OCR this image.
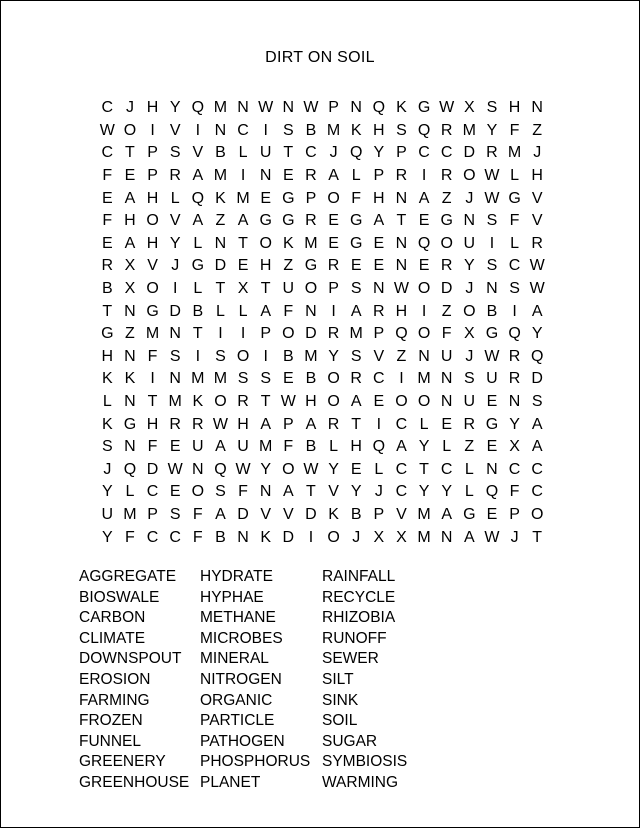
DIRT ON SOIL
C J H Y Q M N W N W P N Q K G W X S H N
W O I V I N C I S B M K H S Q R M Y F Z
C T P S V B L U T C J Q Y P C C D R M J
F E P R A M I N E R A L P R I R O W L H
E A H L Q K M E G P O F H N A Z J W G V
F H O V A Z A G G R E G A T E G N S F V
E A H Y L N T O K M E G E N Q O U I L R
R X V J G D E H Z G R E E N E R Y S C W
B X O I L T X T U O P S N W O D J N S W
T N G D B L L A F N I A R H I Z O B I A
G Z M N T I	I P O D R M P Q O F X G Q Y
H N F S I S O I B M Y S V Z N U J W R Q
K K I N M M S S E B O R C I M N S U R D
L N T M K O R T W H O A E O O N U E N S
K G H R R W H A P A R T I C L E R G Y A
S N F E U A U M F B L H Q A Y L Z E X A
J Q D W N Q W Y O W Y E L C T C L N C C
Y L C E O S F N A T V Y J C Y Y L Q F C
U M P S F A D V V D K B P V M A G E P O
Y F C C F B N K D I O J X X M N A W J T
AGGREGATE
BIOSWALE
CARBON
CLIMATE
DOWNSPOUT
EROSION
FARMING
FROZEN
FUNNEL
GREENERY
GREENHOUSE
HYDRATE
HYPHAE
METHANE
MICROBES
MINERAL
NITROGEN
ORGANIC
PARTICLE
PATHOGEN
PHOSPHORUS
PLANET
RAINFALL
RECYCLE
RHIZOBIA
RUNOFF
SEWER
SILT
SINK
SOIL
SUGAR
SYMBIOSIS
WARMING
